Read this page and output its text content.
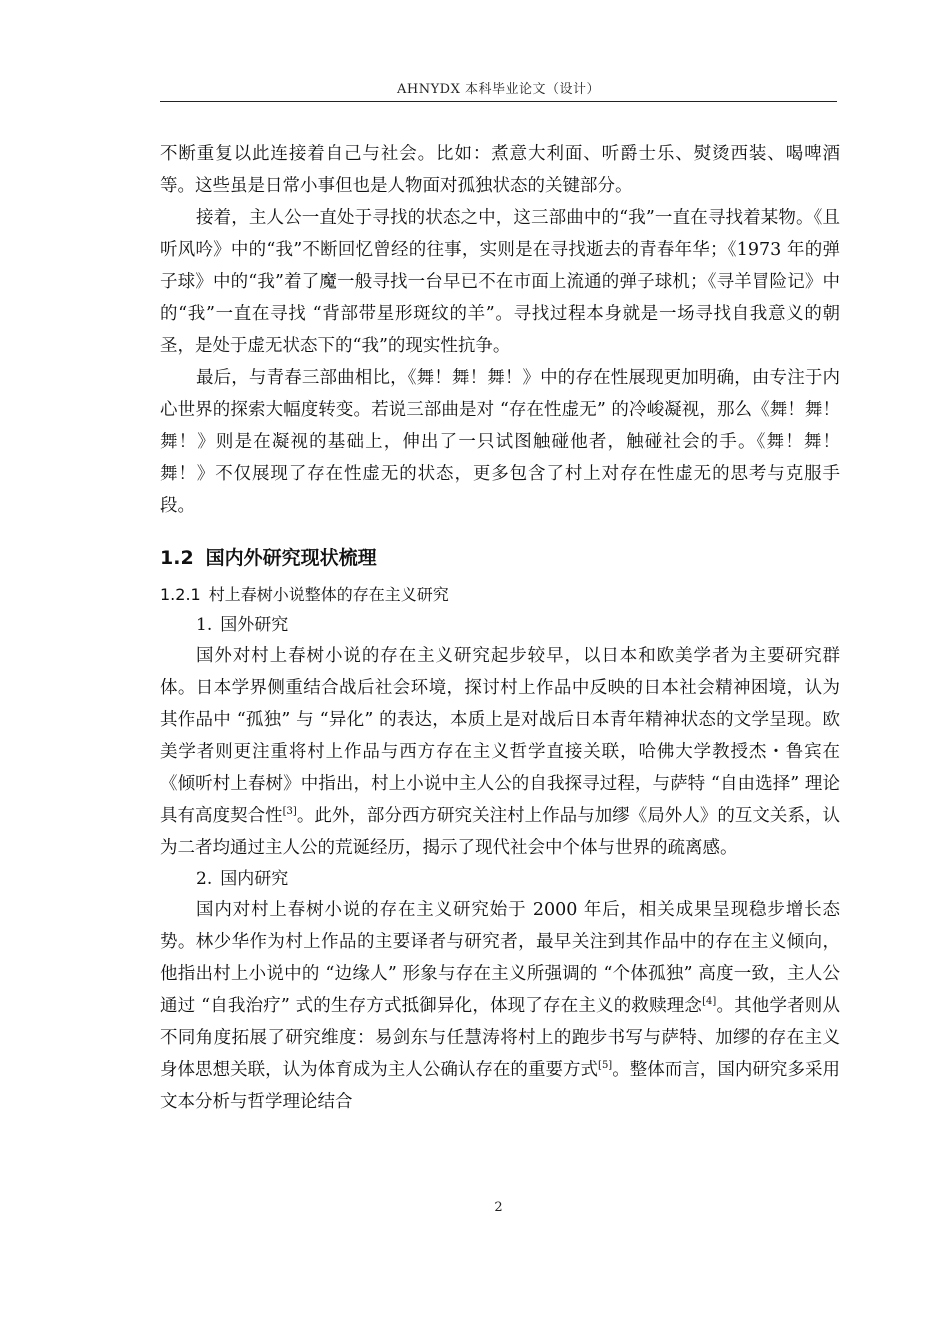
AHNYDX 本科毕业论文（设计）

不断重复以此连接着自己与社会。比如：煮意大利面、听爵士乐、熨烫西装、喝啤酒等。这些虽是日常小事但也是人物面对孤独状态的关键部分。

接着，主人公一直处于寻找的状态之中，这三部曲中的“我”一直在寻找着某物。《且听风吟》中的“我”不断回忆曾经的往事，实则是在寻找逝去的青春年华；《1973 年的弹子球》中的“我”着了魔一般寻找一台早已不在市面上流通的弹子球机；《寻羊冒险记》中的“我”一直在寻找 “背部带星形斑纹的羊”。寻找过程本身就是一场寻找自我意义的朝圣，是处于虚无状态下的“我”的现实性抗争。

最后，与青春三部曲相比，《舞！舞！舞！》中的存在性展现更加明确，由专注于内心世界的探索大幅度转变。若说三部曲是对 “存在性虚无” 的冷峻凝视，那么《舞！舞！舞！》则是在凝视的基础上，伸出了一只试图触碰他者，触碰社会的手。《舞！舞！舞！》不仅展现了存在性虚无的状态，更多包含了村上对存在性虚无的思考与克服手段。

1.2 国内外研究现状梳理
1.2.1 村上春树小说整体的存在主义研究
1. 国外研究

国外对村上春树小说的存在主义研究起步较早，以日本和欧美学者为主要研究群体。日本学界侧重结合战后社会环境，探讨村上作品中反映的日本社会精神困境，认为其作品中 “孤独” 与 “异化” 的表达，本质上是对战后日本青年精神状态的文学呈现。欧美学者则更注重将村上作品与西方存在主义哲学直接关联，哈佛大学教授杰・鲁宾在《倾听村上春树》中指出，村上小说中主人公的自我探寻过程，与萨特 “自由选择” 理论具有高度契合性[3]。此外，部分西方研究关注村上作品与加缪《局外人》的互文关系，认为二者均通过主人公的荒诞经历，揭示了现代社会中个体与世界的疏离感。

2. 国内研究

国内对村上春树小说的存在主义研究始于 2000 年后，相关成果呈现稳步增长态势。林少华作为村上作品的主要译者与研究者，最早关注到其作品中的存在主义倾向，他指出村上小说中的 “边缘人” 形象与存在主义所强调的 “个体孤独” 高度一致，主人公通过 “自我治疗” 式的生存方式抵御异化，体现了存在主义的救赎理念[4]。其他学者则从不同角度拓展了研究维度：易剑东与任慧涛将村上的跑步书写与萨特、加缪的存在主义身体思想关联，认为体育成为主人公确认存在的重要方式[5]。整体而言，国内研究多采用文本分析与哲学理论结合

2
